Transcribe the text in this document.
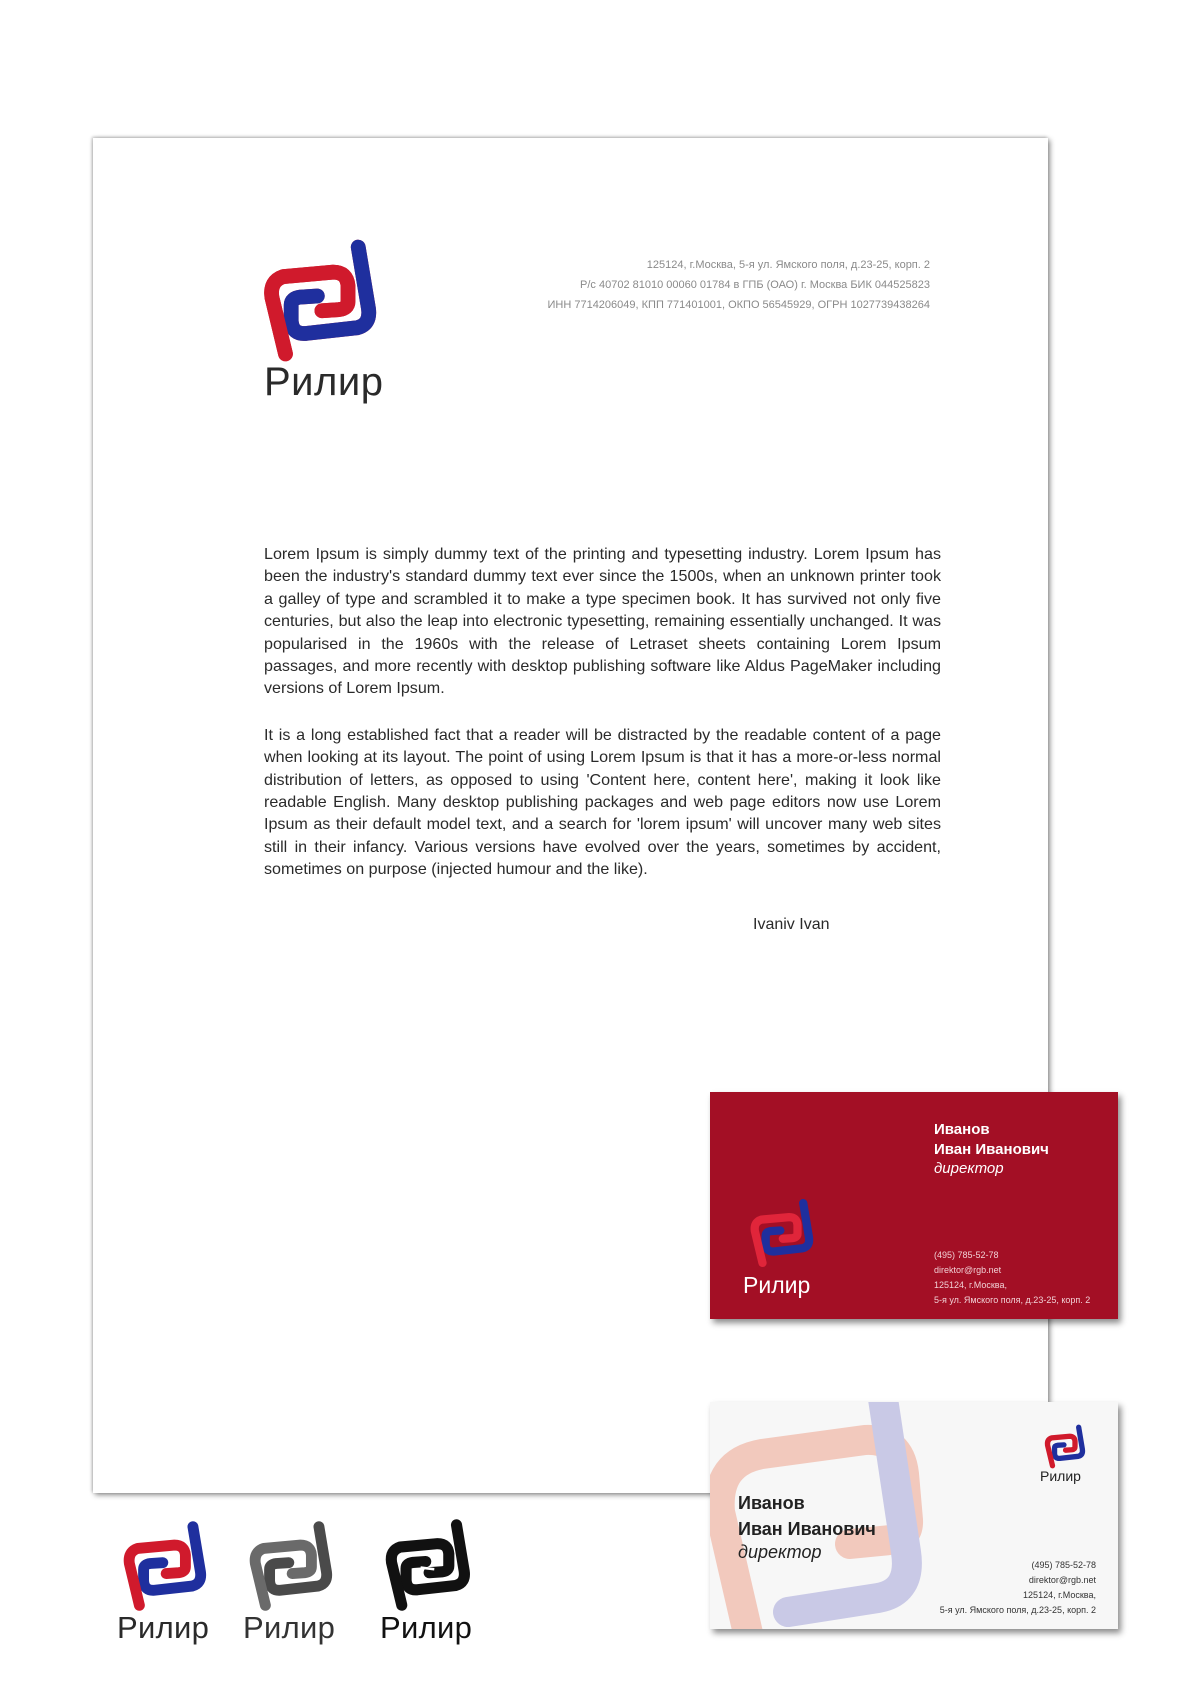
Рилир
125124, г.Москва, 5-я ул. Ямского поля, д.23-25, корп. 2
Р/с 40702 81010 00060 01784 в ГПБ (ОАО) г. Москва БИК 044525823
ИНН 7714206049, КПП 771401001, ОКПО 56545929, ОГРН 1027739438264

Lorem Ipsum is simply dummy text of the printing and typesetting industry. Lorem Ipsum has been the industry's standard dummy text ever since the 1500s, when an unknown printer took a galley of type and scrambled it to make a type specimen book. It has survived not only five centuries, but also the leap into electronic typesetting, remaining essentially unchanged. It was popularised in the 1960s with the release of Letraset sheets containing Lorem Ipsum passages, and more recently with desktop publishing software like Aldus PageMaker including versions of Lorem Ipsum.

It is a long established fact that a reader will be distracted by the readable content of a page when looking at its layout. The point of using Lorem Ipsum is that it has a more-or-less normal distribution of letters, as opposed to using 'Content here, content here', making it look like readable English. Many desktop publishing packages and web page editors now use Lorem Ipsum as their default model text, and a search for 'lorem ipsum' will uncover many web sites still in their infancy. Various versions have evolved over the years, sometimes by accident, sometimes on purpose (injected humour and the like).

Ivaniv Ivan
Рилир
Иванов
Иван Иванович
директор
(495) 785-52-78
direktor@rgb.net
125124, г.Москва,
5-я ул. Ямского поля, д.23-25, корп. 2
Рилир
Иванов
Иван Иванович
директор
(495) 785-52-78
direktor@rgb.net
125124, г.Москва,
5-я ул. Ямского поля, д.23-25, корп. 2
Рилир Рилир Рилир
